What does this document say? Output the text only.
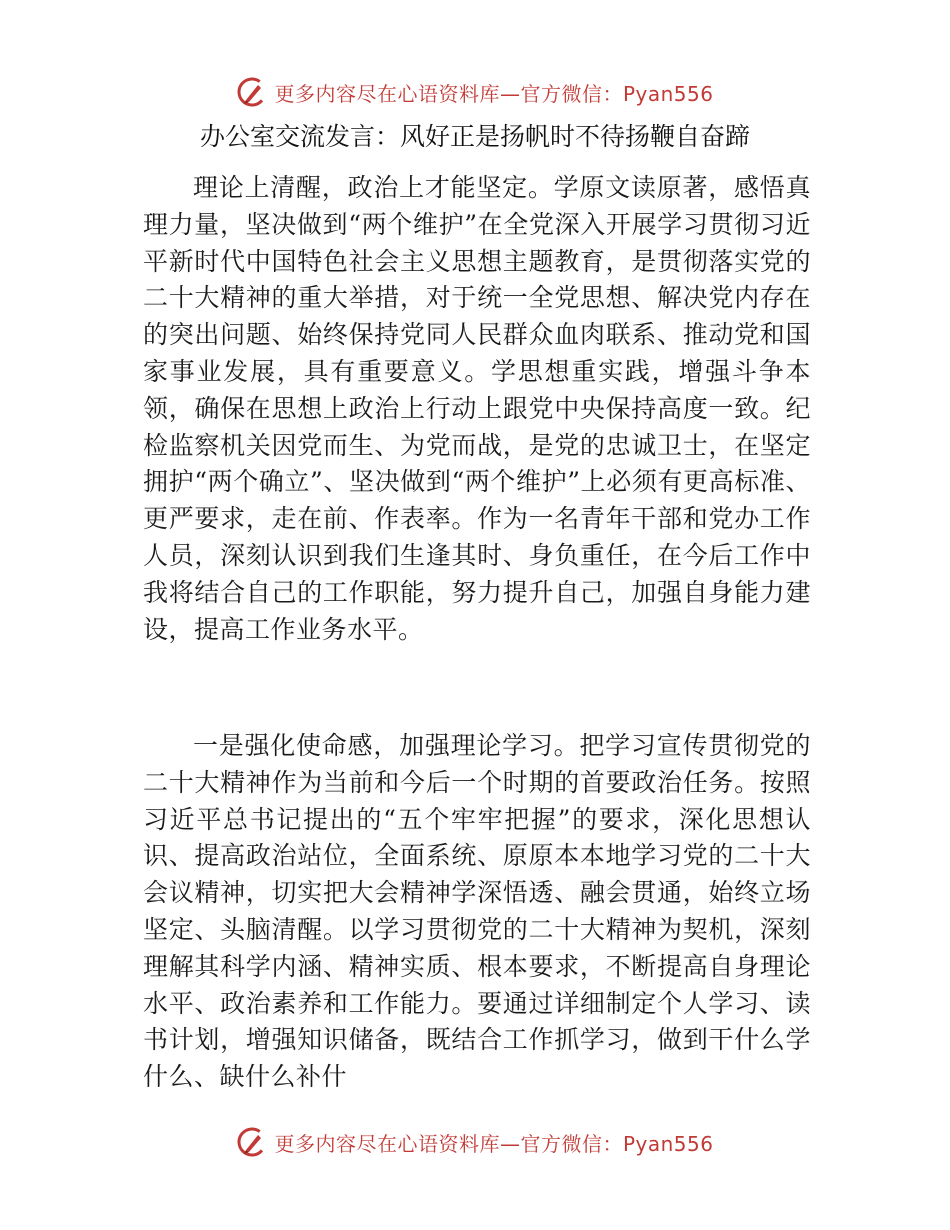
更多内容尽在心语资料库—官方微信：Pyan556
办公室交流发言：风好正是扬帆时不待扬鞭自奋蹄

理论上清醒，政治上才能坚定。学原文读原著，感悟真理力量，坚决做到“两个维护”在全党深入开展学习贯彻习近平新时代中国特色社会主义思想主题教育，是贯彻落实党的二十大精神的重大举措，对于统一全党思想、解决党内存在的突出问题、始终保持党同人民群众血肉联系、推动党和国家事业发展，具有重要意义。学思想重实践，增强斗争本领，确保在思想上政治上行动上跟党中央保持高度一致。纪检监察机关因党而生、为党而战，是党的忠诚卫士，在坚定拥护“两个确立”、坚决做到“两个维护”上必须有更高标准、更严要求，走在前、作表率。作为一名青年干部和党办工作人员，深刻认识到我们生逢其时、身负重任，在今后工作中我将结合自己的工作职能，努力提升自己，加强自身能力建设，提高工作业务水平。

一是强化使命感，加强理论学习。把学习宣传贯彻党的二十大精神作为当前和今后一个时期的首要政治任务。按照习近平总书记提出的“五个牢牢把握”的要求，深化思想认识、提高政治站位，全面系统、原原本本地学习党的二十大会议精神，切实把大会精神学深悟透、融会贯通，始终立场坚定、头脑清醒。以学习贯彻党的二十大精神为契机，深刻理解其科学内涵、精神实质、根本要求，不断提高自身理论水平、政治素养和工作能力。要通过详细制定个人学习、读书计划，增强知识储备，既结合工作抓学习，做到干什么学什么、缺什么补什

更多内容尽在心语资料库—官方微信：Pyan556
